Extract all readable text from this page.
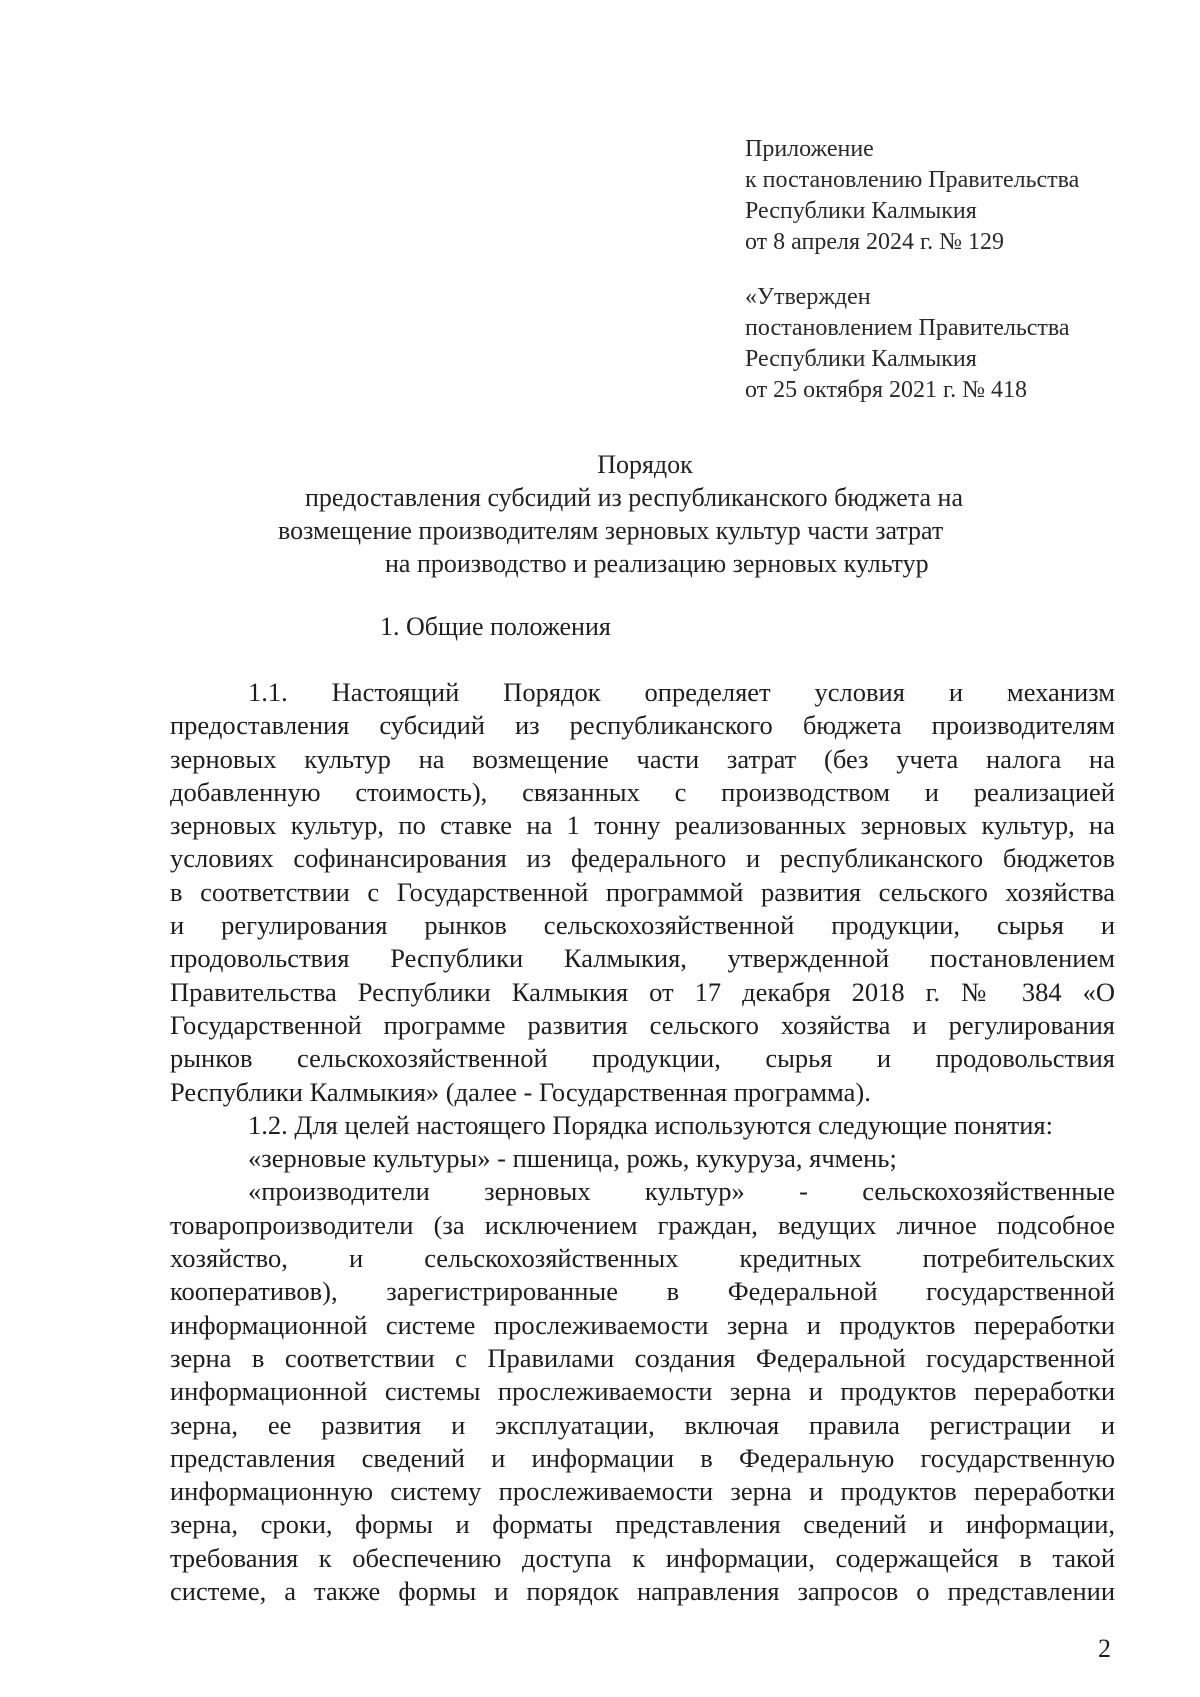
Приложение
к постановлению Правительства
Республики Калмыкия
от 8 апреля 2024 г. № 129
«Утвержден
постановлением Правительства
Республики Калмыкия
от 25 октября 2021 г. № 418
Порядок
предоставления субсидий из республиканского бюджета на
возмещение производителям зерновых культур части затрат
на производство и реализацию зерновых культур
1. Общие положения
1.1. Настоящий Порядок определяет условия и механизм
предоставления субсидий из республиканского бюджета производителям
зерновых культур на возмещение части затрат (без учета налога на
добавленную стоимость), связанных с производством и реализацией
зерновых культур, по ставке на 1 тонну реализованных зерновых культур, на
условиях софинансирования из федерального и республиканского бюджетов
в соответствии с Государственной программой развития сельского хозяйства
и регулирования рынков сельскохозяйственной продукции, сырья и
продовольствия Республики Калмыкия, утвержденной постановлением
Правительства Республики Калмыкия от 17 декабря 2018 г. № 384 «О
Государственной программе развития сельского хозяйства и регулирования
рынков сельскохозяйственной продукции, сырья и продовольствия
Республики Калмыкия» (далее - Государственная программа).
1.2. Для целей настоящего Порядка используются следующие понятия:
«зерновые культуры» - пшеница, рожь, кукуруза, ячмень;
«производители зерновых культур» - сельскохозяйственные
товаропроизводители (за исключением граждан, ведущих личное подсобное
хозяйство, и сельскохозяйственных кредитных потребительских
кооперативов), зарегистрированные в Федеральной государственной
информационной системе прослеживаемости зерна и продуктов переработки
зерна в соответствии с Правилами создания Федеральной государственной
информационной системы прослеживаемости зерна и продуктов переработки
зерна, ее развития и эксплуатации, включая правила регистрации и
представления сведений и информации в Федеральную государственную
информационную систему прослеживаемости зерна и продуктов переработки
зерна, сроки, формы и форматы представления сведений и информации,
требования к обеспечению доступа к информации, содержащейся в такой
системе, а также формы и порядок направления запросов о представлении
2
